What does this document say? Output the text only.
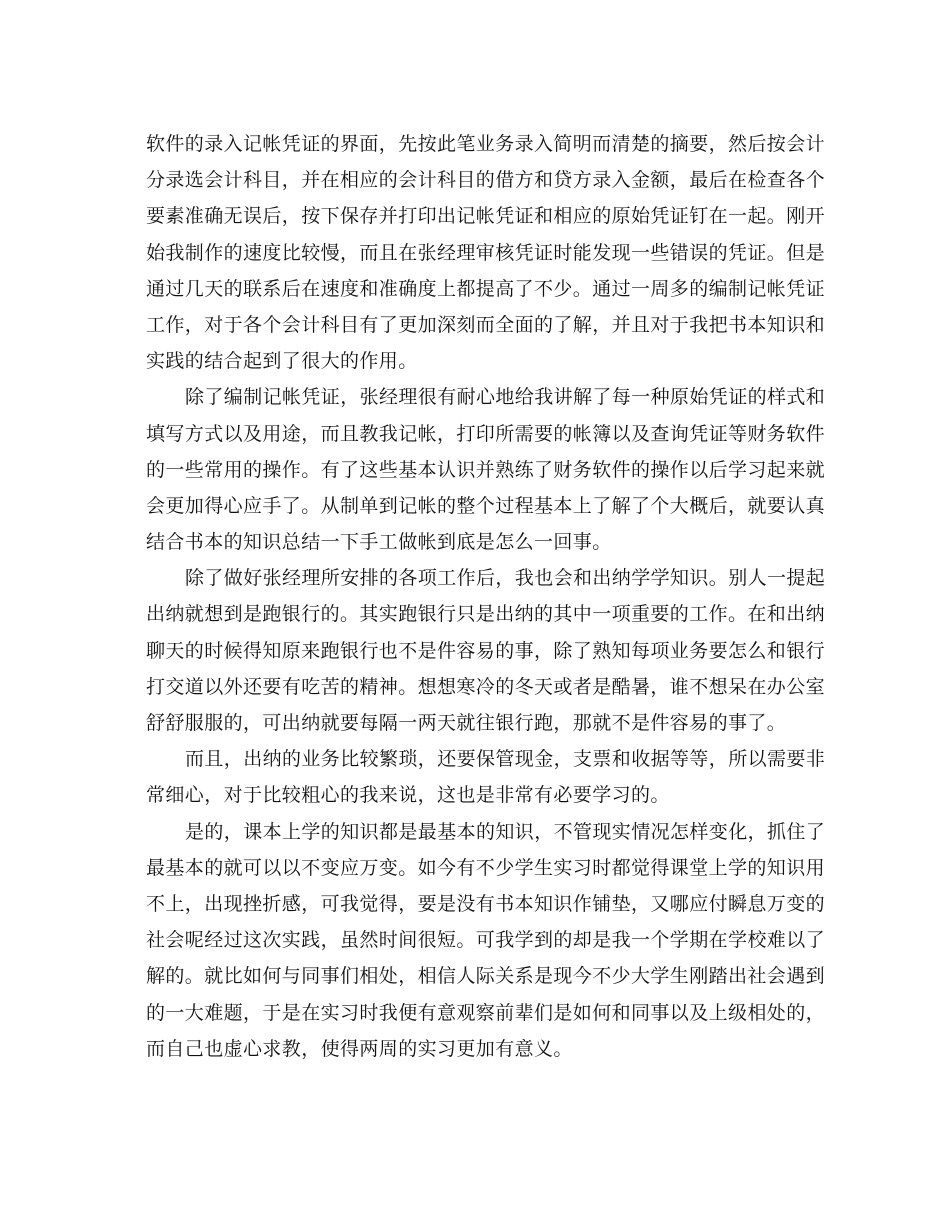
软件的录入记帐凭证的界面，先按此笔业务录入简明而清楚的摘要，然后按会计
分录选会计科目，并在相应的会计科目的借方和贷方录入金额，最后在检查各个
要素准确无误后，按下保存并打印出记帐凭证和相应的原始凭证钉在一起。刚开
始我制作的速度比较慢，而且在张经理审核凭证时能发现一些错误的凭证。但是
通过几天的联系后在速度和准确度上都提高了不少。通过一周多的编制记帐凭证
工作，对于各个会计科目有了更加深刻而全面的了解，并且对于我把书本知识和
实践的结合起到了很大的作用。
除了编制记帐凭证，张经理很有耐心地给我讲解了每一种原始凭证的样式和
填写方式以及用途，而且教我记帐，打印所需要的帐簿以及查询凭证等财务软件
的一些常用的操作。有了这些基本认识并熟练了财务软件的操作以后学习起来就
会更加得心应手了。从制单到记帐的整个过程基本上了解了个大概后，就要认真
结合书本的知识总结一下手工做帐到底是怎么一回事。
除了做好张经理所安排的各项工作后，我也会和出纳学学知识。别人一提起
出纳就想到是跑银行的。其实跑银行只是出纳的其中一项重要的工作。在和出纳
聊天的时候得知原来跑银行也不是件容易的事，除了熟知每项业务要怎么和银行
打交道以外还要有吃苦的精神。想想寒冷的冬天或者是酷暑，谁不想呆在办公室
舒舒服服的，可出纳就要每隔一两天就往银行跑，那就不是件容易的事了。
而且，出纳的业务比较繁琐，还要保管现金，支票和收据等等，所以需要非
常细心，对于比较粗心的我来说，这也是非常有必要学习的。
是的，课本上学的知识都是最基本的知识，不管现实情况怎样变化，抓住了
最基本的就可以以不变应万变。如今有不少学生实习时都觉得课堂上学的知识用
不上，出现挫折感，可我觉得，要是没有书本知识作铺垫，又哪应付瞬息万变的
社会呢经过这次实践，虽然时间很短。可我学到的却是我一个学期在学校难以了
解的。就比如何与同事们相处，相信人际关系是现今不少大学生刚踏出社会遇到
的一大难题，于是在实习时我便有意观察前辈们是如何和同事以及上级相处的，
而自己也虚心求教，使得两周的实习更加有意义。
